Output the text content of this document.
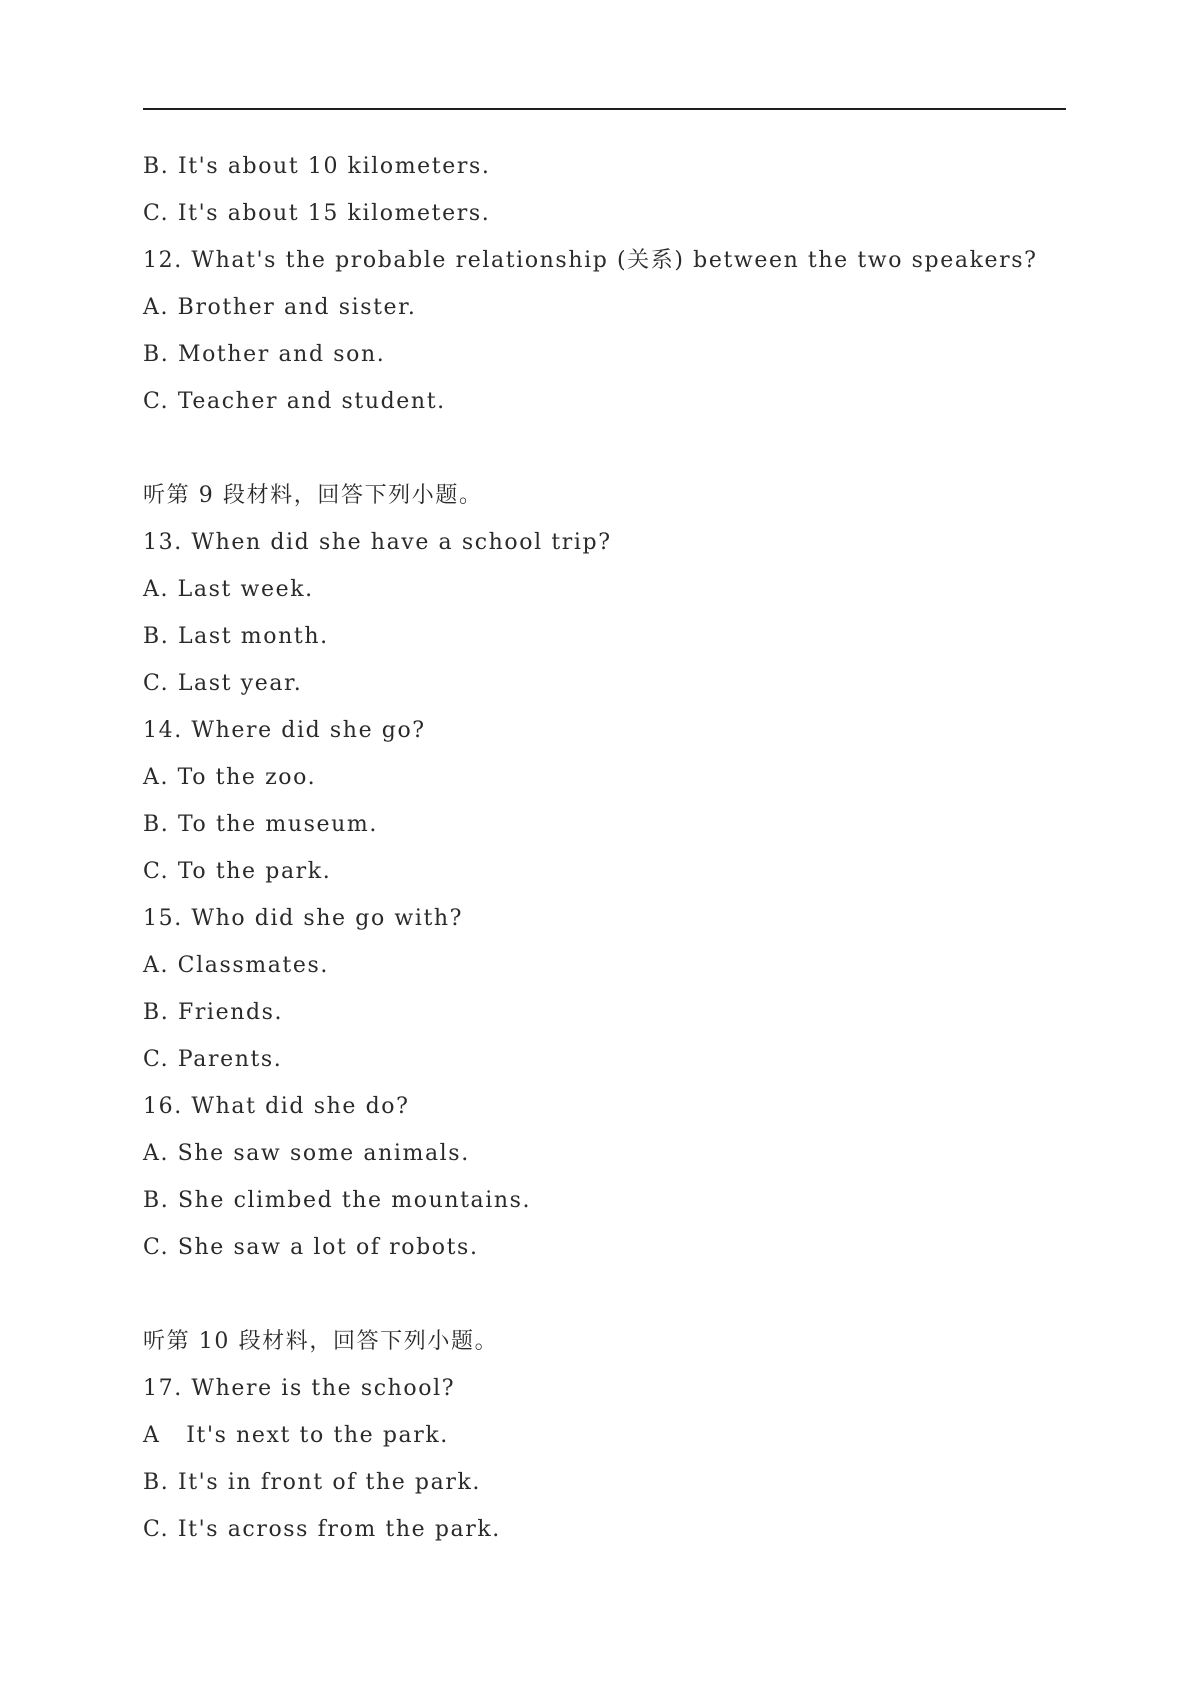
B. It's about 10 kilometers.
C. It's about 15 kilometers.
12. What's the probable relationship (关系) between the two speakers?
A. Brother and sister.
B. Mother and son.
C. Teacher and student.
听第 9 段材料，回答下列小题。
13. When did she have a school trip?
A. Last week.
B. Last month.
C. Last year.
14. Where did she go?
A. To the zoo.
B. To the museum.
C. To the park.
15. Who did she go with?
A. Classmates.
B. Friends.
C. Parents.
16. What did she do?
A. She saw some animals.
B. She climbed the mountains.
C. She saw a lot of robots.
听第 10 段材料，回答下列小题。
17. Where is the school?
A   It's next to the park.
B. It's in front of the park.
C. It's across from the park.
